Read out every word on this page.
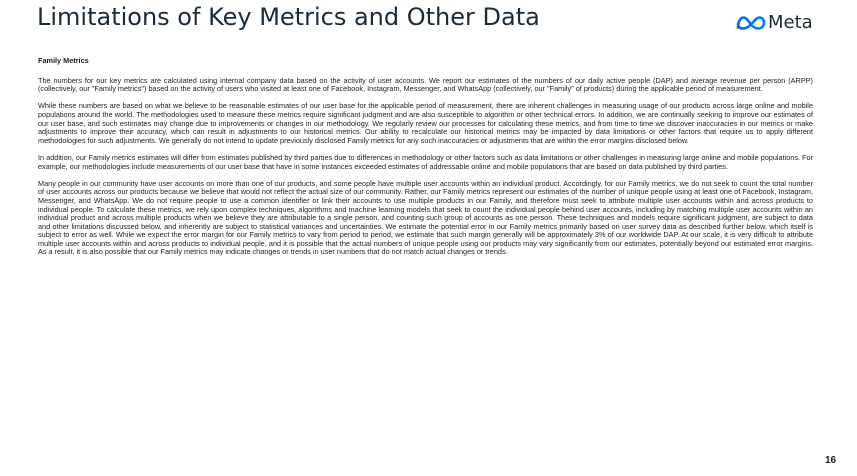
Limitations of Key Metrics and Other Data	Meta
Family Metrics

The numbers for our key metrics are calculated using internal company data based on the activity of user accounts. We report our estimates of the numbers of our daily active people (DAP) and average revenue per person (ARPP) (collectively, our "Family metrics") based on the activity of users who visited at least one of Facebook, Instagram, Messenger, and WhatsApp (collectively, our "Family" of products) during the applicable period of measurement.

While these numbers are based on what we believe to be reasonable estimates of our user base for the applicable period of measurement, there are inherent challenges in measuring usage of our products across large online and mobile populations around the world. The methodologies used to measure these metrics require significant judgment and are also susceptible to algorithm or other technical errors. In addition, we are continually seeking to improve our estimates of our user base, and such estimates may change due to improvements or changes in our methodology. We regularly review our processes for calculating these metrics, and from time to time we discover inaccuracies in our metrics or make adjustments to improve their accuracy, which can result in adjustments to our historical metrics. Our ability to recalculate our historical metrics may be impacted by data limitations or other factors that require us to apply different methodologies for such adjustments. We generally do not intend to update previously disclosed Family metrics for any such inaccuracies or adjustments that are within the error margins disclosed below.

In addition, our Family metrics estimates will differ from estimates published by third parties due to differences in methodology or other factors such as data limitations or other challenges in measuring large online and mobile populations. For example, our methodologies include measurements of our user base that have in some instances exceeded estimates of addressable online and mobile populations that are based on data published by third parties.

Many people in our community have user accounts on more than one of our products, and some people have multiple user accounts within an individual product. Accordingly, for our Family metrics, we do not seek to count the total number of user accounts across our products because we believe that would not reflect the actual size of our community. Rather, our Family metrics represent our estimates of the number of unique people using at least one of Facebook, Instagram, Messenger, and WhatsApp. We do not require people to use a common identifier or link their accounts to use multiple products in our Family, and therefore must seek to attribute multiple user accounts within and across products to individual people. To calculate these metrics, we rely upon complex techniques, algorithms and machine learning models that seek to count the individual people behind user accounts, including by matching multiple user accounts within an individual product and across multiple products when we believe they are attributable to a single person, and counting such group of accounts as one person. These techniques and models require significant judgment, are subject to data and other limitations discussed below, and inherently are subject to statistical variances and uncertainties. We estimate the potential error in our Family metrics primarily based on user survey data as described further below, which itself is subject to error as well. While we expect the error margin for our Family metrics to vary from period to period, we estimate that such margin generally will be approximately 3% of our worldwide DAP. At our scale, it is very difficult to attribute multiple user accounts within and across products to individual people, and it is possible that the actual numbers of unique people using our products may vary significantly from our estimates, potentially beyond our estimated error margins. As a result, it is also possible that our Family metrics may indicate changes or trends in user numbers that do not match actual changes or trends.

16
